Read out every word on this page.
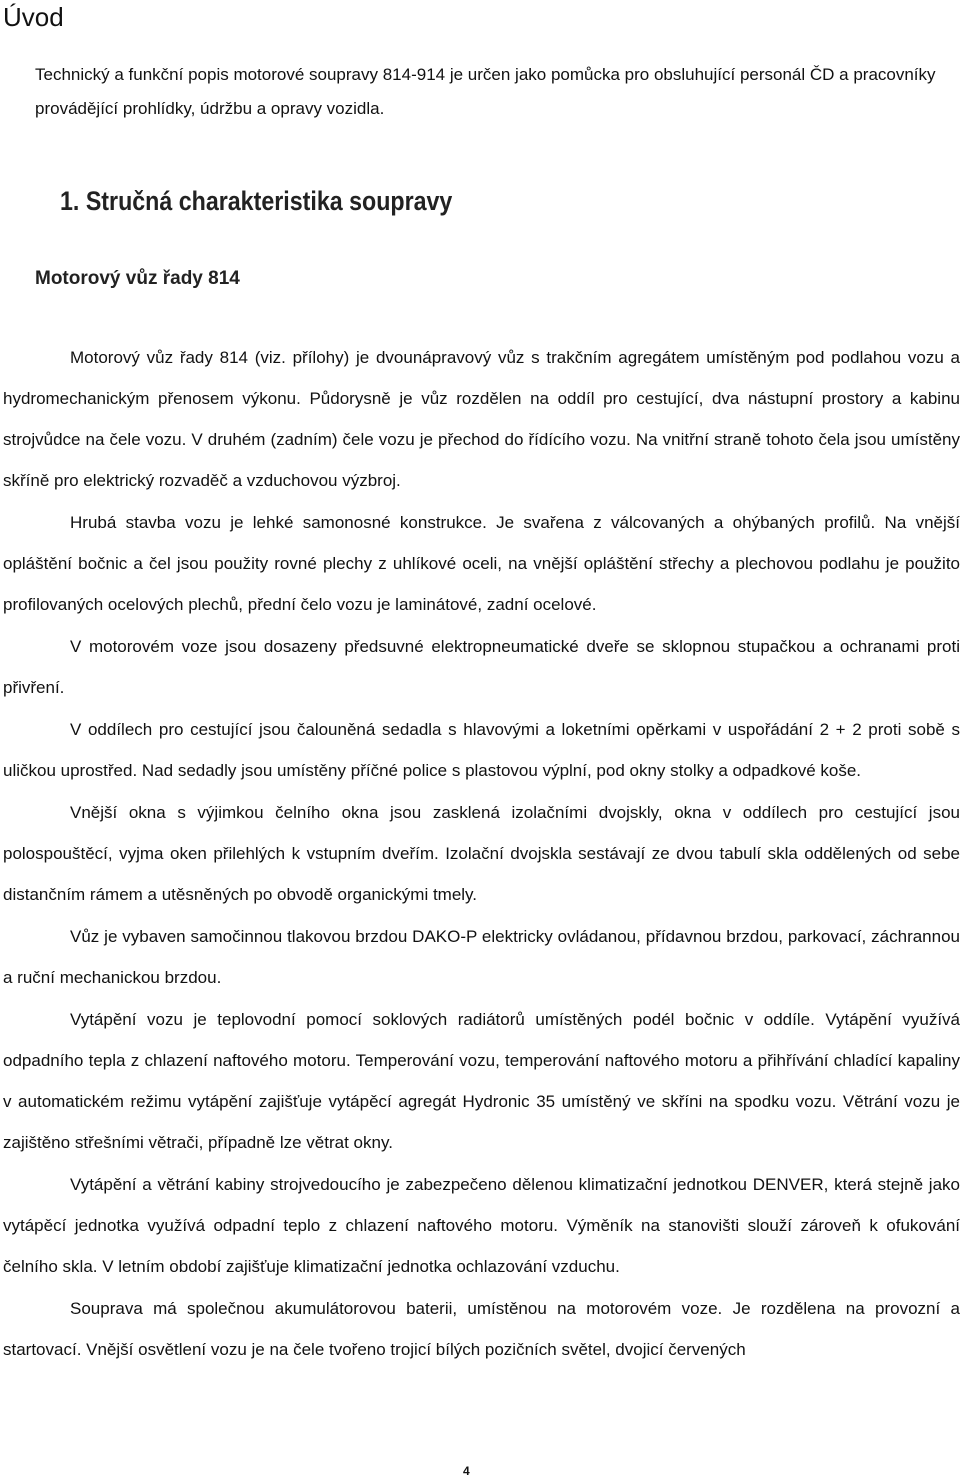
Úvod

Technický a funkční popis motorové soupravy 814-914 je určen jako pomůcka pro obsluhující personál ČD a pracovníky provádějící prohlídky, údržbu a opravy vozidla.

1. Stručná charakteristika soupravy
Motorový vůz řady 814

Motorový vůz řady 814 (viz. přílohy) je dvounápravový vůz s trakčním agregátem umístěným pod podlahou vozu a hydromechanickým přenosem výkonu. Půdorysně je vůz rozdělen na oddíl pro cestující, dva nástupní prostory a kabinu strojvůdce na čele vozu. V druhém (zadním) čele vozu je přechod do řídícího vozu. Na vnitřní straně tohoto čela jsou umístěny skříně pro elektrický rozvaděč a vzduchovou výzbroj.

Hrubá stavba vozu je lehké samonosné konstrukce. Je svařena z válcovaných a ohýbaných profilů. Na vnější opláštění bočnic a čel jsou použity rovné plechy z uhlíkové oceli, na vnější opláštění střechy a plechovou podlahu je použito profilovaných ocelových plechů, přední čelo vozu je laminátové, zadní ocelové.

V motorovém voze jsou dosazeny předsuvné elektropneumatické dveře se sklopnou stupačkou a ochranami proti přivření.

V oddílech pro cestující jsou čalouněná sedadla s hlavovými a loketními opěrkami v uspořádání 2 + 2 proti sobě s uličkou uprostřed. Nad sedadly jsou umístěny příčné police s plastovou výplní, pod okny stolky a odpadkové koše.

Vnější okna s výjimkou čelního okna jsou zasklená izolačními dvojskly, okna v oddílech pro cestující jsou polospouštěcí, vyjma oken přilehlých k vstupním dveřím. Izolační dvojskla sestávají ze dvou tabulí skla oddělených od sebe distančním rámem a utěsněných po obvodě organickými tmely.

Vůz je vybaven samočinnou tlakovou brzdou DAKO-P elektricky ovládanou, přídavnou brzdou, parkovací, záchrannou a ruční mechanickou brzdou.

Vytápění vozu je teplovodní pomocí soklových radiátorů umístěných podél bočnic v oddíle. Vytápění využívá odpadního tepla z chlazení naftového motoru. Temperování vozu, temperování naftového motoru a přihřívání chladící kapaliny v automatickém režimu vytápění zajišťuje vytápěcí agregát Hydronic 35 umístěný ve skříni na spodku vozu. Větrání vozu je zajištěno střešními větrači, případně lze větrat okny.

Vytápění a větrání kabiny strojvedoucího je zabezpečeno dělenou klimatizační jednotkou DENVER, která stejně jako vytápěcí jednotka využívá odpadní teplo z chlazení naftového motoru. Výměník na stanovišti slouží zároveň k ofukování čelního skla. V letním období zajišťuje klimatizační jednotka ochlazování vzduchu.

Souprava má společnou akumulátorovou baterii, umístěnou na motorovém voze. Je rozdělena na provozní a startovací. Vnější osvětlení vozu je na čele tvořeno trojicí bílých pozičních světel, dvojicí červených

4
